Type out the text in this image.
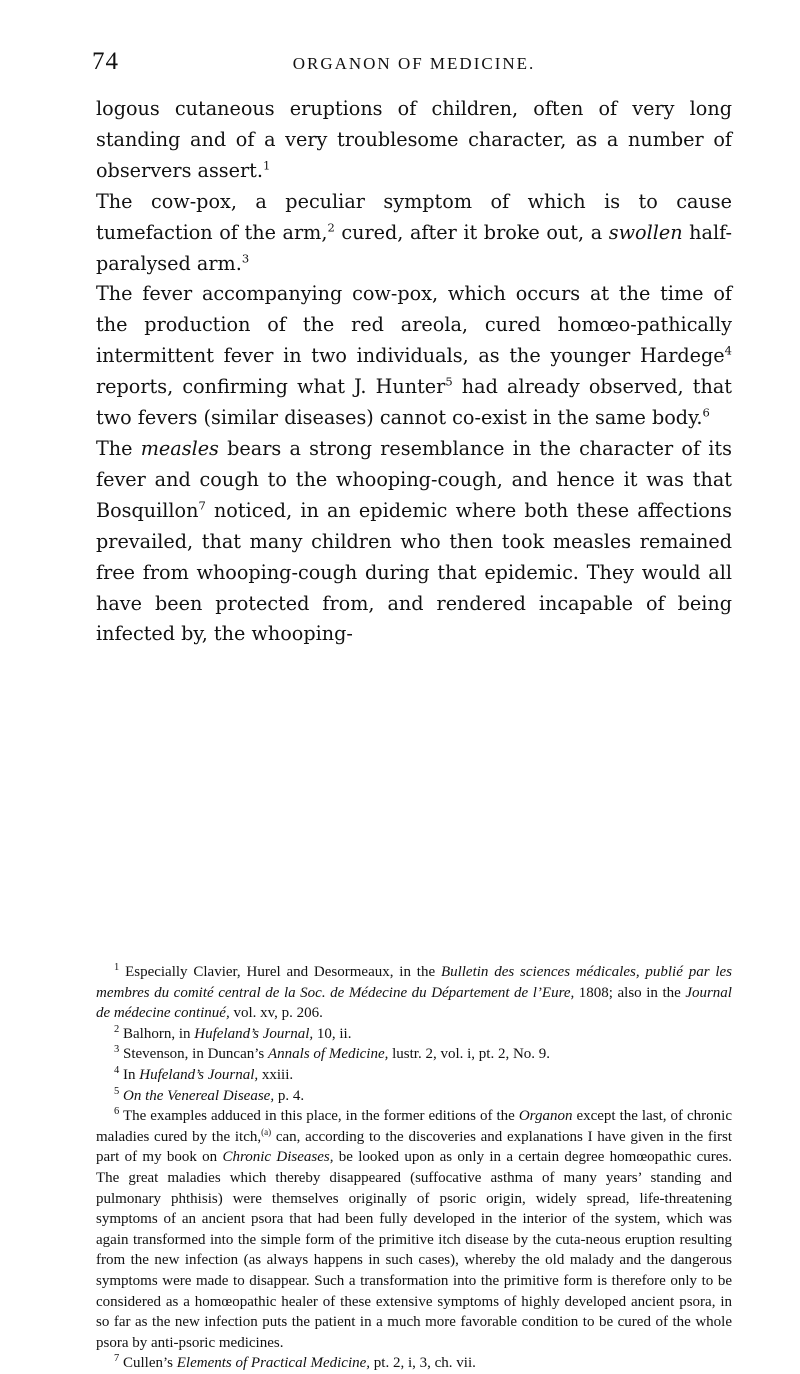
74	ORGANON OF MEDICINE.

logous cutaneous eruptions of children, often of very long standing and of a very troublesome character, as a number of observers assert.$^1$

The cow-pox, a peculiar symptom of which is to cause tumefaction of the arm,$^2$ cured, after it broke out, a swollen half-paralysed arm.$^3$

The fever accompanying cow-pox, which occurs at the time of the production of the red areola, cured homœo-pathically intermittent fever in two individuals, as the younger Hardege$^4$ reports, confirming what J. Hunter$^5$ had already observed, that two fevers (similar diseases) cannot co-exist in the same body.$^6$

The measles bears a strong resemblance in the character of its fever and cough to the whooping-cough, and hence it was that Bosquillon$^7$ noticed, in an epidemic where both these affections prevailed, that many children who then took measles remained free from whooping-cough during that epidemic. They would all have been protected from, and rendered incapable of being infected by, the whooping-

$^1$ Especially Clavier, Hurel and Desormeaux, in the Bulletin des sciences médicales, publié par les membres du comité central de la Soc. de Médecine du Département de l’Eure, 1808; also in the Journal de médecine continué, vol. xv, p. 206.

$^2$ Balhorn, in Hufeland’s Journal, 10, ii.

$^3$ Stevenson, in Duncan’s Annals of Medicine, lustr. 2, vol. i, pt. 2, No. 9.

$^4$ In Hufeland’s Journal, xxiii.

$^5$ On the Venereal Disease, p. 4.

$^6$ The examples adduced in this place, in the former editions of the Organon except the last, of chronic maladies cured by the itch,$^{(a)}$ can, according to the discoveries and explanations I have given in the first part of my book on Chronic Diseases, be looked upon as only in a certain degree homœopathic cures. The great maladies which thereby disappeared (suffocative asthma of many years’ standing and pulmonary phthisis) were themselves originally of psoric origin, widely spread, life-threatening symptoms of an ancient psora that had been fully developed in the interior of the system, which was again transformed into the simple form of the primitive itch disease by the cuta-neous eruption resulting from the new infection (as always happens in such cases), whereby the old malady and the dangerous symptoms were made to disappear. Such a transformation into the primitive form is therefore only to be considered as a homœopathic healer of these extensive symptoms of highly developed ancient psora, in so far as the new infection puts the patient in a much more favorable condition to be cured of the whole psora by anti-psoric medicines.

$^7$ Cullen’s Elements of Practical Medicine, pt. 2, i, 3, ch. vii.
